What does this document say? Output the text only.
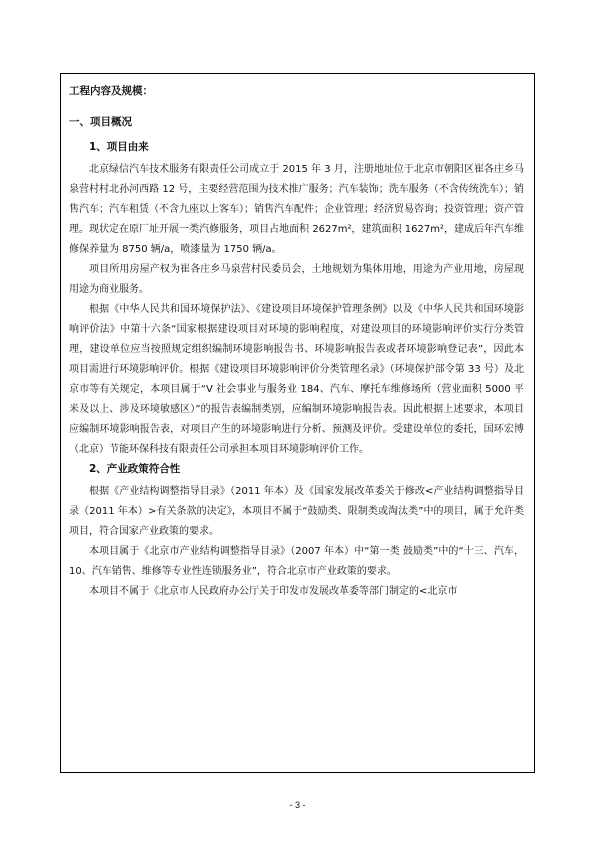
工程内容及规模：
一、项目概况
1、项目由来

北京绿信汽车技术服务有限责任公司成立于 2015 年 3 月，注册地址位于北京市朝阳区崔各庄乡马泉营村村北孙河西路 12 号，主要经营范围为技术推广服务；汽车装饰；洗车服务（不含传统洗车）；销售汽车；汽车租赁（不含九座以上客车）；销售汽车配件；企业管理；经济贸易咨询；投资管理；资产管理。现状定在原厂址开展一类汽修服务，项目占地面积 2627m²，建筑面积 1627m²，建成后年汽车维修保养量为 8750 辆/a，喷漆量为 1750 辆/a。

项目所用房屋产权为崔各庄乡马泉营村民委员会，土地规划为集体用地，用途为产业用地，房屋现用途为商业服务。

根据《中华人民共和国环境保护法》、《建设项目环境保护管理条例》以及《中华人民共和国环境影响评价法》中第十六条“国家根据建设项目对环境的影响程度，对建设项目的环境影响评价实行分类管理，建设单位应当按照规定组织编制环境影响报告书、环境影响报告表或者环境影响登记表”，因此本项目需进行环境影响评价。根据《建设项目环境影响评价分类管理名录》（环境保护部令第 33 号）及北京市等有关规定，本项目属于“V 社会事业与服务业 184、汽车、摩托车维修场所（营业面积 5000 平米及以上、涉及环境敏感区）”的报告表编制类别，应编制环境影响报告表。因此根据上述要求，本项目应编制环境影响报告表，对项目产生的环境影响进行分析、预测及评价。受建设单位的委托，国环宏博（北京）节能环保科技有限责任公司承担本项目环境影响评价工作。

2、产业政策符合性

根据《产业结构调整指导目录》（2011 年本）及《国家发展改革委关于修改<产业结构调整指导目录（2011 年本）>有关条款的决定》，本项目不属于“鼓励类、限制类或淘汰类”中的项目，属于允许类项目，符合国家产业政策的要求。

本项目属于《北京市产业结构调整指导目录》（2007 年本）中“第一类 鼓励类”中的“十三、汽车，10、汽车销售、维修等专业性连锁服务业”，符合北京市产业政策的要求。

本项目不属于《北京市人民政府办公厅关于印发市发展改革委等部门制定的<北京市

- 3 -
